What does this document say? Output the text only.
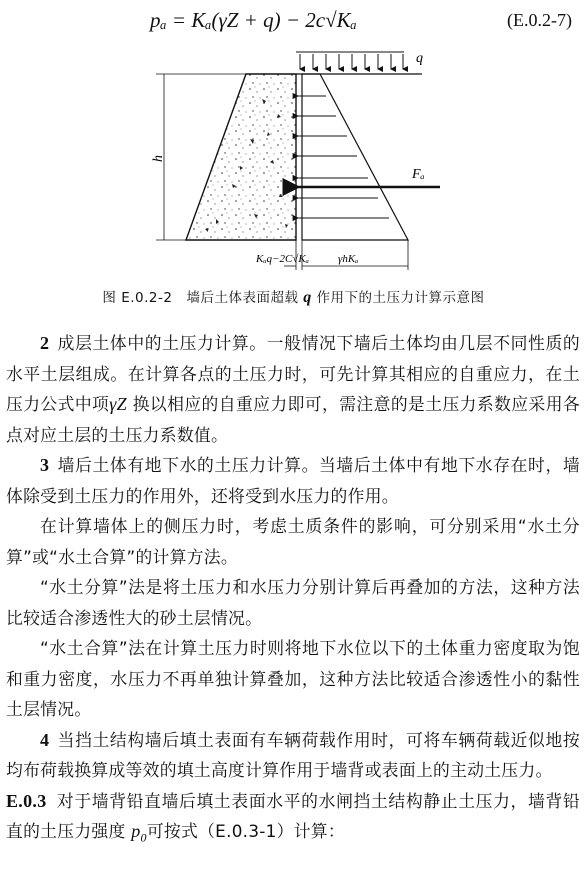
pₐ = Kₐ(γZ + q) − 2c√Kₐ	(E.0.2-7)
q
h
Fₐ
Kₐq−2C√Kₐ	γhKₐ
图 E.0.2-2　墙后土体表面超载 q 作用下的土压力计算示意图

2 成层土体中的土压力计算。一般情况下墙后土体均由几层不同性质的水平土层组成。在计算各点的土压力时，可先计算其相应的自重应力，在土压力公式中项γZ 换以相应的自重应力即可，需注意的是土压力系数应采用各点对应土层的土压力系数值。

3 墙后土体有地下水的土压力计算。当墙后土体中有地下水存在时，墙体除受到土压力的作用外，还将受到水压力的作用。

在计算墙体上的侧压力时，考虑土质条件的影响，可分别采用“水土分算”或“水土合算”的计算方法。

“水土分算”法是将土压力和水压力分别计算后再叠加的方法，这种方法比较适合渗透性大的砂土层情况。

“水土合算”法在计算土压力时则将地下水位以下的土体重力密度取为饱和重力密度，水压力不再单独计算叠加，这种方法比较适合渗透性小的黏性土层情况。

4 当挡土结构墙后填土表面有车辆荷载作用时，可将车辆荷载近似地按均布荷载换算成等效的填土高度计算作用于墙背或表面上的主动土压力。

E.0.3 对于墙背铅直墙后填土表面水平的水闸挡土结构静止土压力，墙背铅直的土压力强度 $p_0$可按式（E.0.3-1）计算：
